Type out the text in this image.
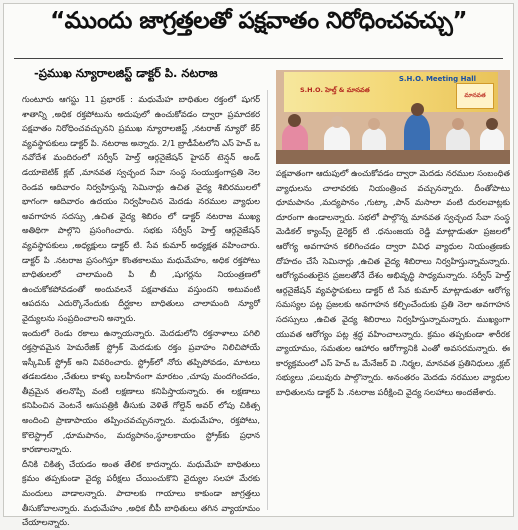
“ముందు జాగ్రత్తలతో పక్షవాతం నిరోధించవచ్చు”
-ప్రముఖ న్యూరాలజిస్ట్ డాక్టర్ పి. నటరాజ

గుంటూరు ఆగస్టు 11 ప్రభారక్ : మధుమేహ బాధితుల రక్తంలో షుగర్ శాతాన్ని ,అధిక రక్తపోటును అదుపులో ఉంచుకోవడం ద్వారా ప్రమాదకర పక్షవాతం నిరోధించవచ్చునని ప్రముఖ న్యూరాలజిస్ట్ ,నటరాజ్ న్యూరో కేర్ వ్యవస్థాపకులు డాక్టర్ పి. నటరాజ అన్నారు. 2/1 బ్రాడీపేటలోని ఎస్ హెచ్ ఒ నవోదేశ మందిరంలో సర్వీస్ హెల్త్ ఆర్గనైజేషన్ హైపర్ టెన్షన్ అండ్ డయాబెటిక్ క్లబ్ ,మానవత స్వచ్ఛంద సేవా సంస్థ సంయుక్తంగాప్రతి నెల రెండవ ఆదివారం నిర్వహిస్తున్న సెమినార్లు ఉచిత వైద్య శిబిరములలో భాగంగా ఆదివారం ఉదయం నిర్వహించిన మెదడు నరముల వ్యాధుల అవగాహన సదస్సు ,ఉచిత వైద్య శిబిరం లో డాక్టర్ నటరాజ ముఖ్య అతిథిగా పాల్గొని ప్రసంగించారు. సభకు సర్వీస్ హెల్త్ ఆర్గనైజేషన్ వ్యవస్థాపకులు ,అధ్యక్షులు డాక్టర్ టి. సేవ కుమార్ అధ్యక్షత వహించారు. డాక్టర్ పి .నటరాజ ప్రసంగిస్తూ కొంతకాలము మధుమేహం, అధిక రక్తపోటు బాధితులలో చాలామంది పి బీ ,షుగర్లను నియంత్రణలో ఉంచుకోకపోవడంతో అందువలనే పక్షవాతము వస్తుందని అటువంటి ఆపదను ఎదుర్కొనేందుకు దీర్ఘకాల బాధితులు చాలామంది న్యూరో వైద్యులను సంప్రదించాలని అన్నారు.

ఇందులో రెండు రకాలు ఉన్నాయన్నారు. మెదడులోని రక్తనాళాలు పగిలి రక్తస్రావమైన హెమరేజిక్ స్ట్రోక్ మెదడుకు రక్తం ప్రవాహం నిలిచిపోయే ఇస్కీమిక్ స్ట్రోక్ అని వివరించారు. స్ట్రోక్‌లో నోరు తప్పిపోవడం, మాటలు తడబడటం ,చేతులు కాళ్ళు బలహీనంగా మారటం ,చూపు మందగించడం, తీవ్రమైన తలనొప్పి వంటి లక్షణాలు కనిపిస్తాయన్నారు. ఈ లక్షణాలు కనిపించిన వెంటనే ఆసుపత్రికి తీసుకు వెళితే గోల్డెన్ అవర్ లోపు చికిత్స అందించి ప్రాణాపాయం తప్పించవచ్చునన్నారు. మధుమేహం, రక్తపోటు, కొలెస్ట్రాల్ ,ధూమపానం, మద్యపానం,స్థూలకాయం స్ట్రోక్‌కు ప్రధాన కారణాలన్నారు.

దీనికి చికిత్స చేయడం అంత తేలిక కాదన్నారు. మధుమేహ బాధితులు క్రమం తప్పకుండా వైద్య పరీక్షలు చేయించుకొని వైద్యుల సలహా మేరకు మందులు వాడాలన్నారు. పాదాలకు గాయాలు కాకుండా జాగ్రత్తలు తీసుకోవాలన్నారు. మధుమేహం ,అధిక బీపీ బాధితులు తగిన వ్యాయామం చేయాలన్నారు.

S.H.O. Meeting Hall
S.H.O. హెల్త్ & మానవత
మానవత

పక్షవాతంగా ఆదుపులో ఉంచుకోవడం ద్వారా మెదడు నరముల సంబంధిత వ్యాధులను చాలావరకు నియంత్రించ వచ్చునన్నారు. దీంతోపాటు ధూమపానం ,మద్యపానం ,గుట్కా ,పాన్ మసాలా వంటి దురలవాట్లకు దూరంగా ఉండాలన్నారు. సభలో పాల్గొన్న మానవత స్వచ్ఛంద సేవా సంస్థ మెడికల్ క్యాంప్స్ డైరెక్టర్ టి .ధనుంజయ రెడ్డి మాట్లాడుతూ ప్రజలలో ఆరోగ్య అవగాహన కలిగించడం ద్వారా వివిధ వ్యాధుల నియంత్రణకు దోహదం చేసే సెమినార్లు ,ఉచిత వైద్య శిబిరాలు నిర్వహిస్తున్నామన్నారు. ఆరోగ్యవంతులైన ప్రజలతోనే దేశం అభివృద్ధి సాధ్యమన్నారు. సర్వీస్ హెల్త్ ఆర్గనైజేషన్ వ్యవస్థాపకులు డాక్టర్ టి సేవ కుమార్ మాట్లాడుతూ ఆరోగ్య సమస్యల పట్ల ప్రజలకు అవగాహన కల్పించేందుకు ప్రతి నెలా అవగాహన సదస్సులు ,ఉచిత వైద్య శిబిరాలు నిర్వహిస్తున్నామన్నారు. ముఖ్యంగా యువత ఆరోగ్యం పట్ల శ్రద్ధ వహించాలన్నారు. క్రమం తప్పకుండా శారీరక వ్యాయామం, సమతుల ఆహారం ఆరోగ్యానికి ఎంతో అవసరమన్నారు. ఈ కార్యక్రమంలో ఎస్ హెచ్ ఒ మేనేజర్ వి .నిర్మల, మానవత ప్రతినిధులు ,క్లబ్ సభ్యులు ,పలువురు పాల్గొన్నారు. అనంతరం మెదడు నరముల వ్యాధుల బాధితులను డాక్టర్ పి .నటరాజ పరీక్షించి వైద్య సలహాలు అందజేశారు.
